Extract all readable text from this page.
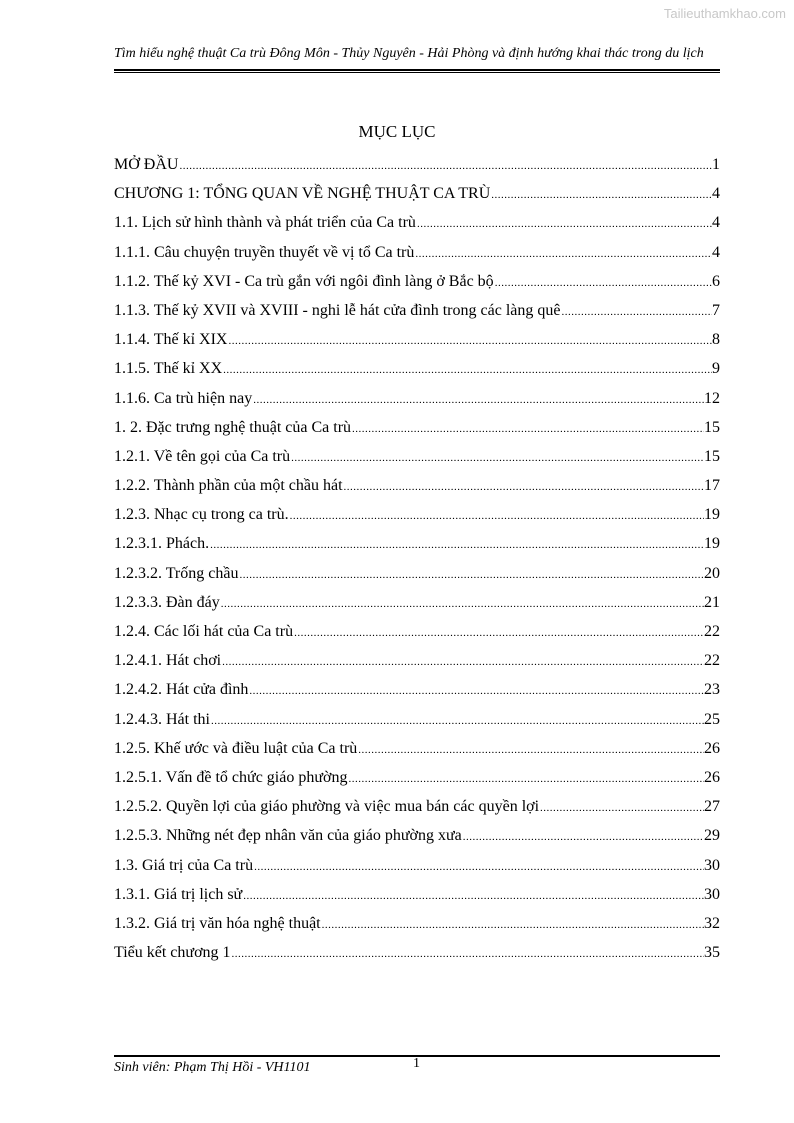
Tailieuthamkhao.com
Tìm hiểu nghệ thuật Ca trù Đông Môn - Thủy Nguyên - Hải Phòng và định hướng khai thác trong du lịch
MỤC LỤC
MỞ ĐẦU .....	1
CHƯƠNG 1: TỔNG QUAN VỀ NGHỆ THUẬT CA TRÙ .....	4
1.1. Lịch sử hình thành và phát triển của Ca trù .....	4
1.1.1. Câu chuyện truyền thuyết về vị tổ Ca trù .....	4
1.1.2. Thế kỷ XVI - Ca trù gắn với ngôi đình làng ở Bắc bộ .....	6
1.1.3. Thế kỷ XVII và XVIII - nghi lễ hát cửa đình trong các làng quê .....	7
1.1.4. Thế kỉ XIX .....	8
1.1.5. Thế kỉ XX .....	9
1.1.6. Ca trù hiện nay .....	12
1. 2. Đặc trưng nghệ thuật của Ca trù .....	15
1.2.1. Về tên gọi của Ca trù .....	15
1.2.2. Thành phần của một chầu hát .....	17
1.2.3. Nhạc cụ trong ca trù. .....	19
1.2.3.1. Phách. .....	19
1.2.3.2. Trống chầu .....	20
1.2.3.3. Đàn đáy .....	21
1.2.4. Các lối hát của Ca trù .....	22
1.2.4.1. Hát chơi .....	22
1.2.4.2. Hát cửa đình .....	23
1.2.4.3. Hát thi .....	25
1.2.5. Khế ước và điều luật của Ca trù .....	26
1.2.5.1. Vấn đề tổ chức giáo phường .....	26
1.2.5.2. Quyền lợi của giáo phường và việc mua bán các quyền lợi .....	27
1.2.5.3. Những nét đẹp nhân văn của giáo phường xưa .....	29
1.3. Giá trị của Ca trù .....	30
1.3.1. Giá trị lịch sử .....	30
1.3.2. Giá trị văn hóa nghệ thuật .....	32
Tiểu kết chương 1 .....	35
Sinh viên: Phạm Thị Hồi - VH1101	1
